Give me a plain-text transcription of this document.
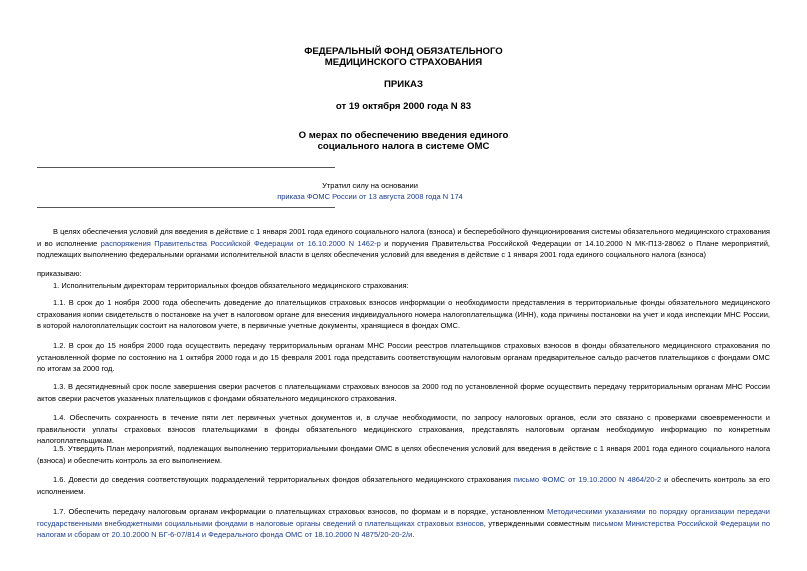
ФЕДЕРАЛЬНЫЙ ФОНД ОБЯЗАТЕЛЬНОГО
МЕДИЦИНСКОГО СТРАХОВАНИЯ
ПРИКАЗ
от 19 октября 2000 года N 83
О мерах по обеспечению введения единого
социального налога в системе ОМС
Утратил силу на основании
приказа ФОМС России от 13 августа 2008 года N 174

В целях обеспечения условий для введения в действие с 1 января 2001 года единого социального налога (взноса) и бесперебойного функционирования системы обязательного медицинского страхования и во исполнение распоряжения Правительства Российской Федерации от 16.10.2000 N 1462-р и поручения Правительства Российской Федерации от 14.10.2000 N МК-П13-28062 о Плане мероприятий, подлежащих выполнению федеральными органами исполнительной власти в целях обеспечения условий для введения в действие с 1 января 2001 года единого социального налога (взноса)

приказываю:

1. Исполнительным директорам территориальных фондов обязательного медицинского страхования:

1.1. В срок до 1 ноября 2000 года обеспечить доведение до плательщиков страховых взносов информации о необходимости представления в территориальные фонды обязательного медицинского страхования копии свидетельств о постановке на учет в налоговом органе для внесения индивидуального номера налогоплательщика (ИНН), кода причины постановки на учет и кода инспекции МНС России, в которой налогоплательщик состоит на налоговом учете, в первичные учетные документы, хранящиеся в фондах ОМС.

1.2. В срок до 15 ноября 2000 года осуществить передачу территориальным органам МНС России реестров плательщиков страховых взносов в фонды обязательного медицинского страхования по установленной форме по состоянию на 1 октября 2000 года и до 15 февраля 2001 года представить соответствующим налоговым органам предварительное сальдо расчетов плательщиков с фондами ОМС по итогам за 2000 год.

1.3. В десятидневный срок после завершения сверки расчетов с плательщиками страховых взносов за 2000 год по установленной форме осуществить передачу территориальным органам МНС России актов сверки расчетов указанных плательщиков с фондами обязательного медицинского страхования.

1.4. Обеспечить сохранность в течение пяти лет первичных учетных документов и, в случае необходимости, по запросу налоговых органов, если это связано с проверками своевременности и правильности уплаты страховых взносов плательщиками в фонды обязательного медицинского страхования, представлять налоговым органам необходимую информацию по конкретным налогоплательщикам.

1.5. Утвердить План мероприятий, подлежащих выполнению территориальными фондами ОМС в целях обеспечения условий для введения в действие с 1 января 2001 года единого социального налога (взноса) и обеспечить контроль за его выполнением.

1.6. Довести до сведения соответствующих подразделений территориальных фондов обязательного медицинского страхования письмо ФОМС от 19.10.2000 N 4864/20-2 и обеспечить контроль за его исполнением.

1.7. Обеспечить передачу налоговым органам информации о плательщиках страховых взносов, по формам и в порядке, установленном Методическими указаниями по порядку организации передачи государственными внебюджетными социальными фондами в налоговые органы сведений о плательщиках страховых взносов, утвержденными совместным письмом Министерства Российской Федерации по налогам и сборам от 20.10.2000 N БГ-6-07/814 и Федерального фонда ОМС от 18.10.2000 N 4875/20-20-2/и.
